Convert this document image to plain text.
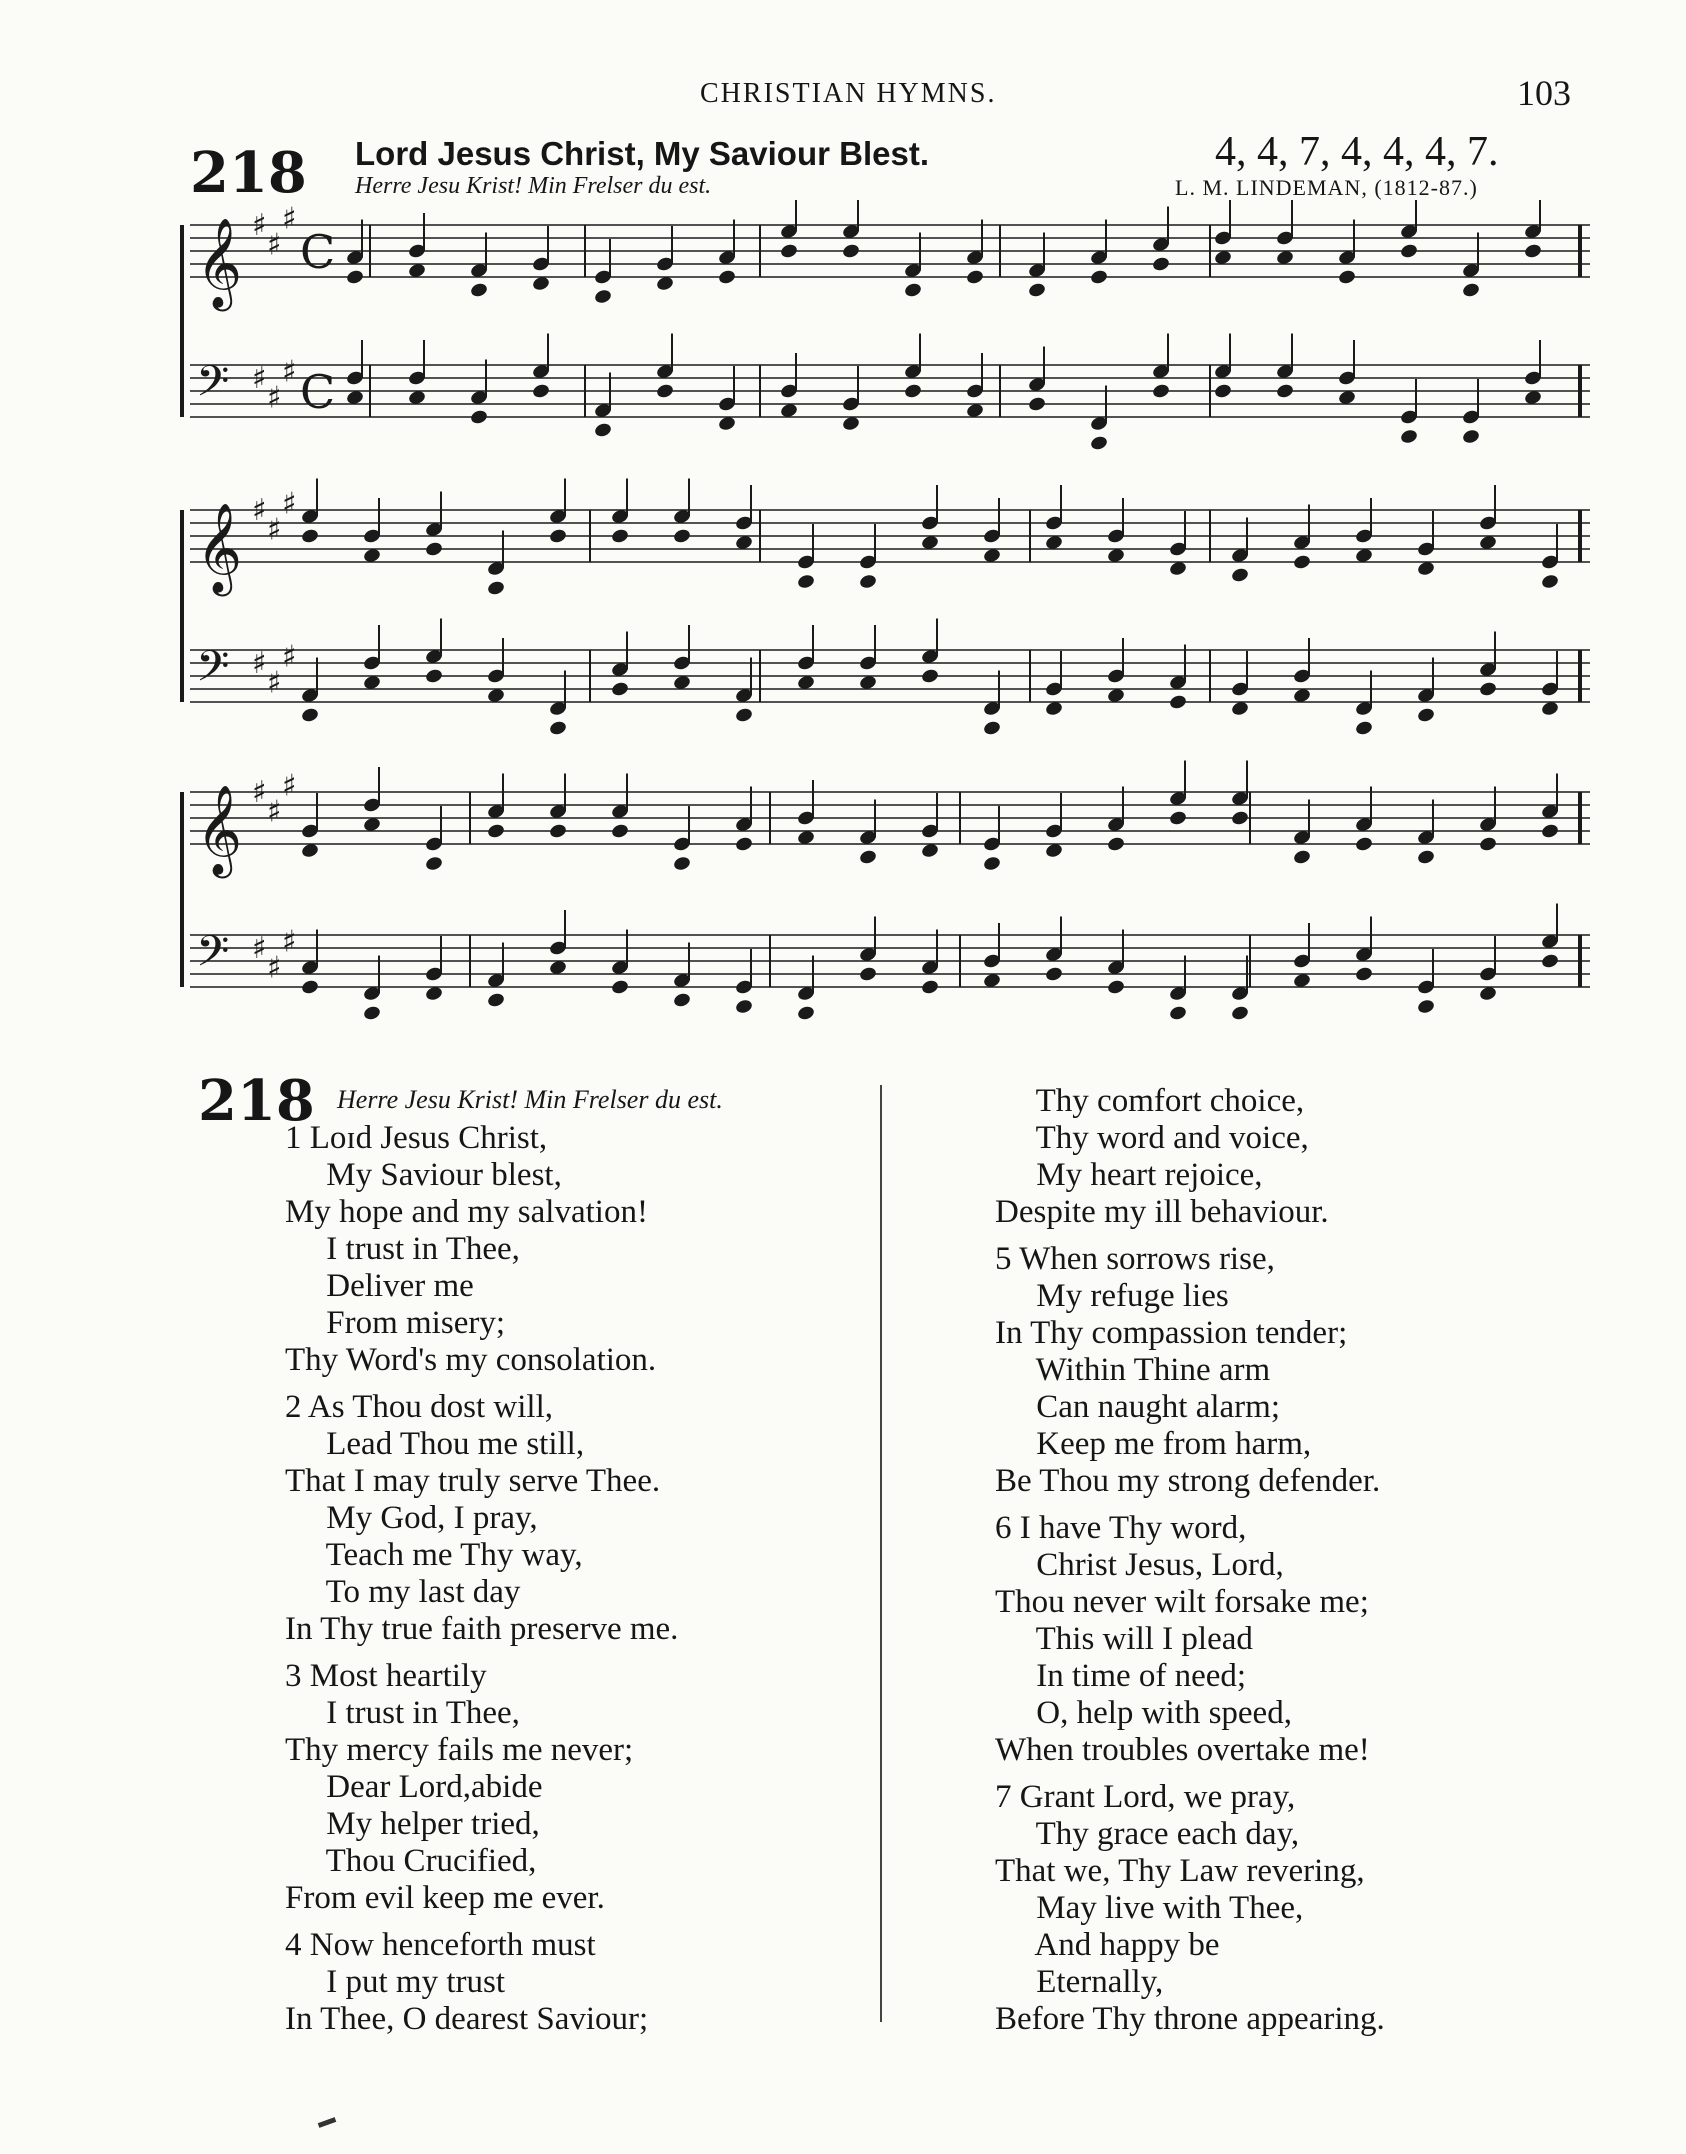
CHRISTIAN HYMNS.	103
218 Lord Jesus Christ, My Saviour Blest.
Herre Jesu Krist! Min Frelser du est.
4, 4, 7, 4, 4, 4, 7.
L. M. LINDEMAN, (1812-87.)
𝄞 ♯
♯
♯
C
𝄢 ♯
♯
♯ C
𝄞 ♯
♯
♯
𝄢 ♯
♯
♯
𝄞 ♯
♯
♯
𝄢 ♯
♯
♯
218 Herre Jesu Krist! Min Frelser du est.
1 Loɪd Jesus Christ,
My Saviour blest,
My hope and my salvation!
I trust in Thee,
Deliver me
From misery;
Thy Word's my consolation.
2 As Thou dost will,
Lead Thou me still,
That I may truly serve Thee.
My God, I pray,
Teach me Thy way,
To my last day
In Thy true faith preserve me.
3 Most heartily
I trust in Thee,
Thy mercy fails me never;
Dear Lord,abide
My helper tried,
Thou Crucified,
From evil keep me ever.
4 Now henceforth must
I put my trust
In Thee, O dearest Saviour;
Thy comfort choice,
Thy word and voice,
My heart rejoice,
Despite my ill behaviour.
5 When sorrows rise,
My refuge lies
In Thy compassion tender;
Within Thine arm
Can naught alarm;
Keep me from harm,
Be Thou my strong defender.
6 I have Thy word,
Christ Jesus, Lord,
Thou never wilt forsake me;
This will I plead
In time of need;
O, help with speed,
When troubles overtake me!
7 Grant Lord, we pray,
Thy grace each day,
That we, Thy Law revering,
May live with Thee,
And happy be
Eternally,
Before Thy throne appearing.
